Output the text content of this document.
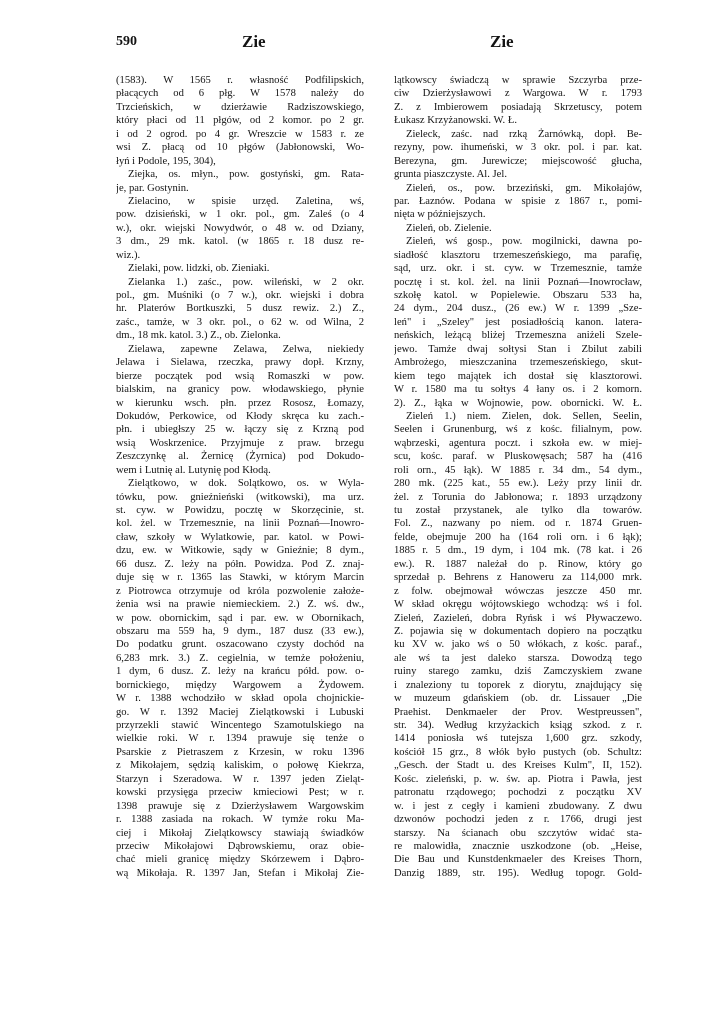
590	Zie	Zie
(1583). W 1565 r. własność Podfilipskich,
płacących od 6 płg. W 1578 należy do
Trzcieńskich, w dzierżawie Radziszowskiego,
który płaci od 11 płgów, od 2 komor. po 2 gr.
i od 2 ogrod. po 4 gr. Wreszcie w 1583 r. ze
wsi Z. płacą od 10 płgów (Jabłonowski, Wo-
łyń i Podole, 195, 304),
Ziejka, os. młyn., pow. gostyński, gm. Rata-
je, par. Gostynin.
Zielacino, w spisie urzęd. Zaletina, wś,
pow. dzisieński, w 1 okr. pol., gm. Zaleś (o 4
w.), okr. wiejski Nowydwór, o 48 w. od Dziany,
3 dm., 29 mk. katol. (w 1865 r. 18 dusz re-
wiz.).
Zielaki, pow. lidzki, ob. Zieniaki.
Zielanka 1.) zaśc., pow. wileński, w 2 okr.
pol., gm. Muśniki (o 7 w.), okr. wiejski i dobra
hr. Platerów Bortkuszki, 5 dusz rewiz. 2.) Z.,
zaśc., tamże, w 3 okr. pol., o 62 w. od Wilna, 2
dm., 18 mk. katol. 3.) Z., ob. Zielonka.
Zielawa, zapewne Zelawa, Zelwa, niekiedy
Jelawa i Sielawa, rzeczka, prawy dopł. Krzny,
bierze początek pod wsią Romaszki w pow.
bialskim, na granicy pow. włodawskiego, płynie
w kierunku wsch. płn. przez Rososz, Łomazy,
Dokudów, Perkowice, od Kłody skręca ku zach.-
płn. i ubiegłszy 25 w. łączy się z Krzną pod
wsią Woskrzenice. Przyjmuje z praw. brzegu
Zeszczynkę al. Żernicę (Żyrnica) pod Dokudo-
wem i Lutnię al. Lutynię pod Kłodą.
Zielątkowo, w dok. Solątkowo, os. w Wyla-
tówku, pow. gnieźnieński (witkowski), ma urz.
st. cyw. w Powidzu, pocztę w Skorzęcinie, st.
kol. żel. w Trzemesznie, na linii Poznań—Inowro-
cław, szkoły w Wylatkowie, par. katol. w Powi-
dzu, ew. w Witkowie, sądy w Gnieźnie; 8 dym.,
66 dusz. Z. leży na półn. Powidza. Pod Z. znaj-
duje się w r. 1365 las Stawki, w którym Marcin
z Piotrowca otrzymuje od króla pozwolenie założe-
żenia wsi na prawie niemieckiem. 2.) Z. wś. dw.,
w pow. obornickim, sąd i par. ew. w Obornikach,
obszaru ma 559 ha, 9 dym., 187 dusz (33 ew.),
Do podatku grunt. oszacowano czysty dochód na
6,283 mrk. 3.) Z. cegielnia, w temże położeniu,
1 dym, 6 dusz. Z. leży na krańcu półd. pow. o-
bornickiego, między Wargowem a Żydowem.
W r. 1388 wchodziło w skład opola chojnickie-
go. W r. 1392 Maciej Zielątkowski i Lubuski
przyrzekli stawić Wincentego Szamotulskiego na
wielkie roki. W r. 1394 prawuje się tenże o
Psarskie z Pietraszem z Krzesin, w roku 1396
z Mikołajem, sędzią kaliskim, o połowę Kiekrza,
Starzyn i Szeradowa. W r. 1397 jeden Zieląt-
kowski przysięga przeciw kmieciowi Pest; w r.
1398 prawuje się z Dzierżysławem Wargowskim
r. 1388 zasiada na rokach. W tymże roku Ma-
ciej i Mikołaj Zielątkowscy stawiają świadków
przeciw Mikołajowi Dąbrowskiemu, oraz obie-
chać mieli granicę między Skórzewem i Dąbro-
wą Mikołaja. R. 1397 Jan, Stefan i Mikołaj Zie-
lątkowscy świadczą w sprawie Szczyrba prze-
ciw Dzierżysławowi z Wargowa. W r. 1793
Z. z Imbierowem posiadają Skrzetuscy, potem
Łukasz Krzyżanowski. W. Ł.
Zieleck, zaśc. nad rzką Żarnówką, dopł. Be-
rezyny, pow. ihumeński, w 3 okr. pol. i par. kat.
Berezyna, gm. Jurewicze; miejscowość głucha,
grunta piaszczyste. Al. Jel.
Zieleń, os., pow. brzeziński, gm. Mikołajów,
par. Łaznów. Podana w spisie z 1867 r., pomi-
nięta w późniejszych.
Zieleń, ob. Zielenie.
Zieleń, wś gosp., pow. mogilnicki, dawna po-
siadłość klasztoru trzemeszeńskiego, ma parafię,
sąd, urz. okr. i st. cyw. w Trzemesznie, tamże
pocztę i st. kol. żel. na linii Poznań—Inowrocław,
szkołę katol. w Popielewie. Obszaru 533 ha,
24 dym., 204 dusz., (26 ew.) W r. 1399 „Sze-
leń" i „Szeley" jest posiadłością kanon. latera-
neńskich, leżącą bliżej Trzemeszna aniżeli Szele-
jewo. Tamże dwaj sołtysi Stan i Zbilut zabili
Ambrożego, mieszczanina trzemeszeńskiego, skut-
kiem tego majątek ich dostał się klasztorowi.
W r. 1580 ma tu sołtys 4 łany os. i 2 komorn.
2). Z., łąka w Wojnowie, pow. obornicki. W. Ł.
Zieleń 1.) niem. Zielen, dok. Sellen, Seelin,
Seelen i Grunenburg, wś z kośc. filialnym, pow.
wąbrzeski, agentura poczt. i szkoła ew. w miej-
scu, kośc. paraf. w Pluskowęsach; 587 ha (416
roli orn., 45 łąk). W 1885 r. 34 dm., 54 dym.,
280 mk. (225 kat., 55 ew.). Leży przy linii dr.
żel. z Torunia do Jabłonowa; r. 1893 urządzony
tu został przystanek, ale tylko dla towarów.
Fol. Z., nazwany po niem. od r. 1874 Gruen-
felde, obejmuje 200 ha (164 roli orn. i 6 łąk);
1885 r. 5 dm., 19 dym, i 104 mk. (78 kat. i 26
ew.). R. 1887 należał do p. Rinow, który go
sprzedał p. Behrens z Hanoweru za 114,000 mrk.
z folw. obejmował wówczas jeszcze 450 mr.
W skład okręgu wójtowskiego wchodzą: wś i fol.
Zieleń, Zazieleń, dobra Ryńsk i wś Pływaczewo.
Z. pojawia się w dokumentach dopiero na początku
ku XV w. jako wś o 50 włókach, z kośc. paraf.,
ale wś ta jest daleko starsza. Dowodzą tego
ruiny starego zamku, dziś Zamczyskiem zwane
i znaleziony tu toporek z diorytu, znajdujący się
w muzeum gdańskiem (ob. dr. Lissauer „Die
Praehist. Denkmaeler der Prov. Westpreussen",
str. 34). Według krzyżackich ksiąg szkod. z r.
1414 poniosła wś tutejsza 1,600 grz. szkody,
kościół 15 grz., 8 włók było pustych (ob. Schultz:
„Gesch. der Stadt u. des Kreises Kulm", II, 152).
Kośc. zieleński, p. w. św. ap. Piotra i Pawła, jest
patronatu rządowego; pochodzi z początku XV
w. i jest z cegły i kamieni zbudowany. Z dwu
dzwonów pochodzi jeden z r. 1766, drugi jest
starszy. Na ścianach obu szczytów widać sta-
re malowidła, znacznie uszkodzone (ob. „Heise,
Die Bau und Kunstdenkmaeler des Kreises Thorn,
Danzig 1889, str. 195). Według topogr. Gold-
